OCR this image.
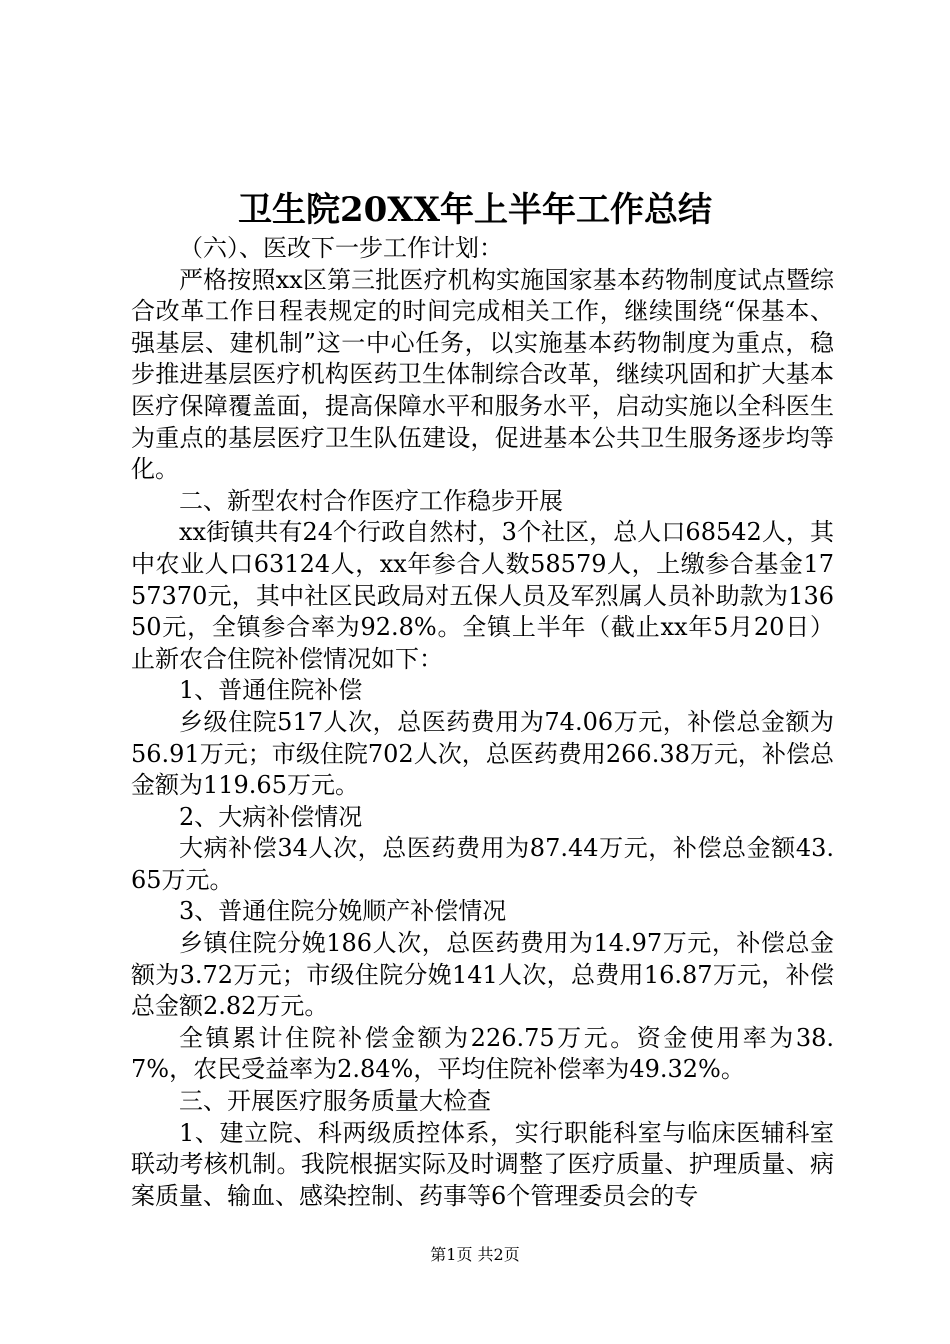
卫生院20XX年上半年工作总结

（六）、医改下一步工作计划：

严格按照xx区第三批医疗机构实施国家基本药物制度试点暨综合改革工作日程表规定的时间完成相关工作，继续围绕“保基本、强基层、建机制”这一中心任务，以实施基本药物制度为重点，稳步推进基层医疗机构医药卫生体制综合改革，继续巩固和扩大基本医疗保障覆盖面，提高保障水平和服务水平，启动实施以全科医生为重点的基层医疗卫生队伍建设，促进基本公共卫生服务逐步均等化。

二、新型农村合作医疗工作稳步开展

xx街镇共有24个行政自然村，3个社区，总人口68542人，其中农业人口63124人，xx年参合人数58579人，上缴参合基金1757370元，其中社区民政局对五保人员及军烈属人员补助款为13650元，全镇参合率为92.8%。全镇上半年（截止xx年5月20日）止新农合住院补偿情况如下：

1、普通住院补偿

乡级住院517人次，总医药费用为74.06万元，补偿总金额为56.91万元；市级住院702人次，总医药费用266.38万元，补偿总金额为119.65万元。

2、大病补偿情况

大病补偿34人次，总医药费用为87.44万元，补偿总金额43.65万元。

3、普通住院分娩顺产补偿情况

乡镇住院分娩186人次，总医药费用为14.97万元，补偿总金额为3.72万元；市级住院分娩141人次，总费用16.87万元，补偿总金额2.82万元。

全镇累计住院补偿金额为226.75万元。资金使用率为38.7%，农民受益率为2.84%，平均住院补偿率为49.32%。

三、开展医疗服务质量大检查

1、建立院、科两级质控体系，实行职能科室与临床医辅科室联动考核机制。我院根据实际及时调整了医疗质量、护理质量、病案质量、输血、感染控制、药事等6个管理委员会的专

第1页 共2页
